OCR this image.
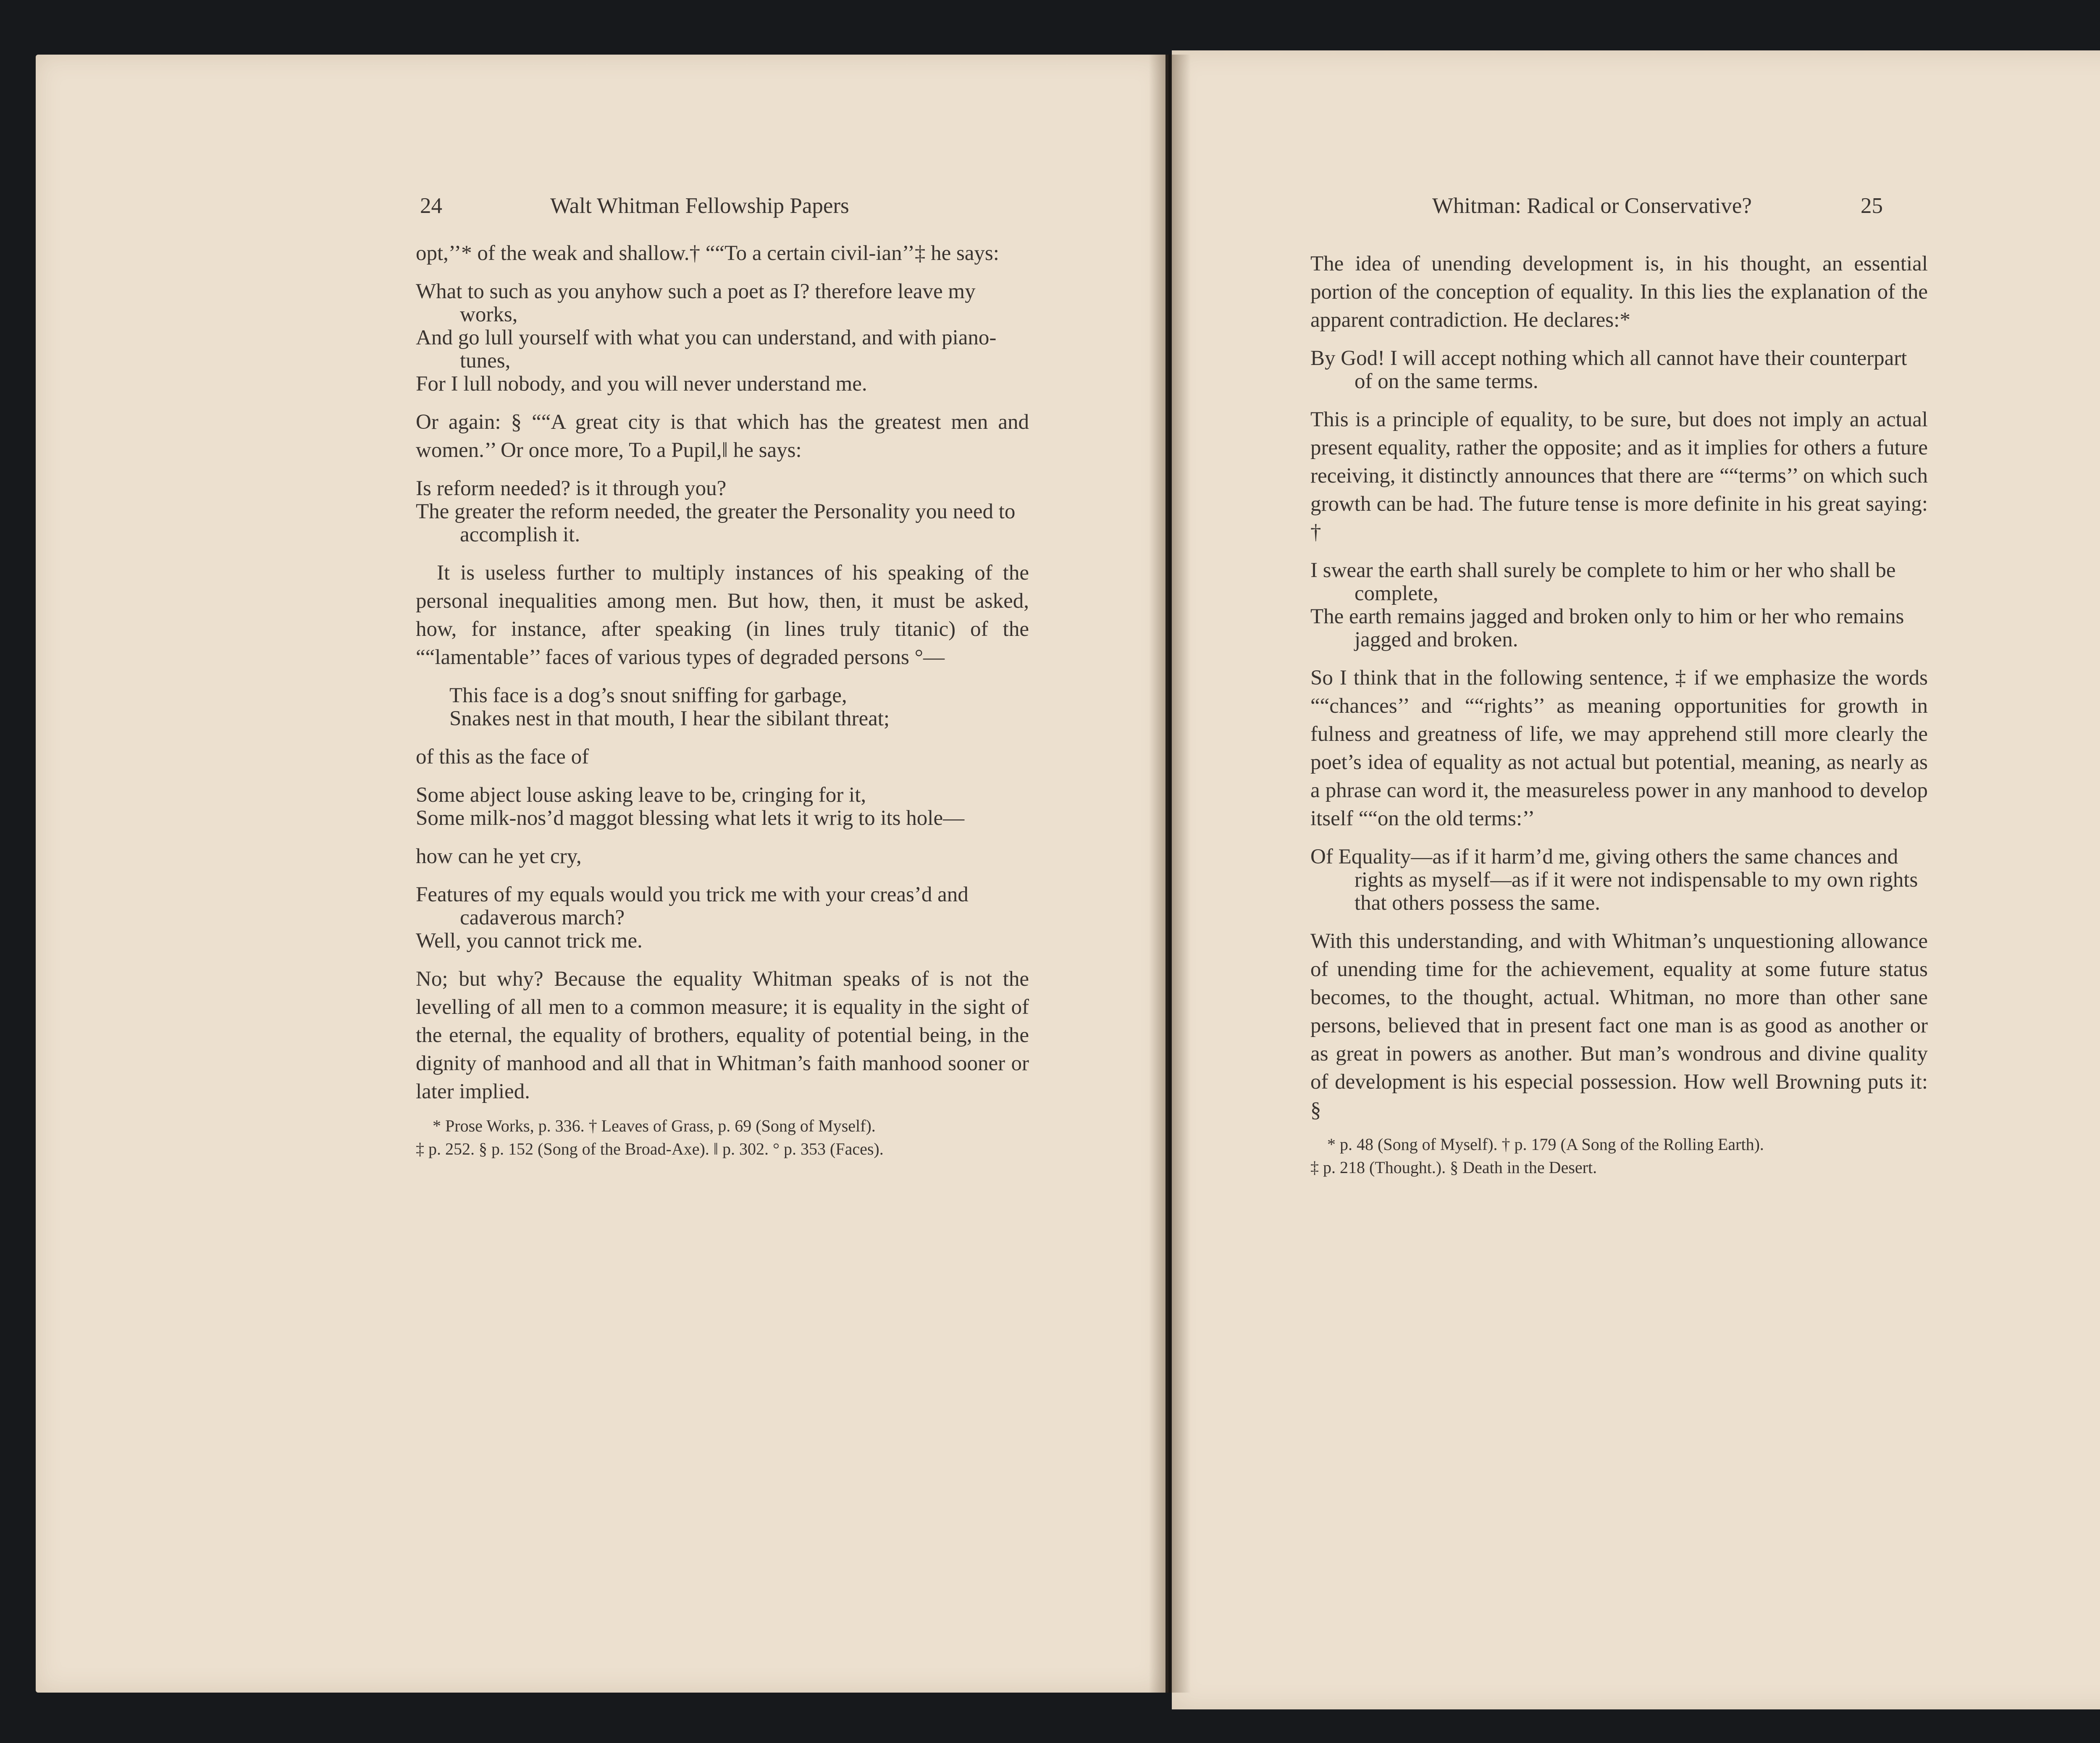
24	Walt Whitman Fellowship Papers

opt,’’* of the weak and shallow.† ““To a certain civil-ian’’‡ he says:

What to such as you anyhow such a poet as I? therefore leave my works,
And go lull yourself with what you can understand, and with piano-tunes,
For I lull nobody, and you will never understand me.

Or again: § ““A great city is that which has the greatest men and women.’’ Or once more, To a Pupil,‖ he says:

Is reform needed? is it through you?
The greater the reform needed, the greater the Personality you need to accomplish it.

It is useless further to multiply instances of his speaking of the personal inequalities among men. But how, then, it must be asked, how, for instance, after speaking (in lines truly titanic) of the ““lamentable’’ faces of various types of degraded persons °—

This face is a dog’s snout sniffing for garbage,
Snakes nest in that mouth, I hear the sibilant threat;

of this as the face of

Some abject louse asking leave to be, cringing for it,
Some milk-nos’d maggot blessing what lets it wrig to its hole—

how can he yet cry,

Features of my equals would you trick me with your creas’d and cadaverous march?
Well, you cannot trick me.

No; but why? Because the equality Whitman speaks of is not the levelling of all men to a common measure; it is equality in the sight of the eternal, the equality of brothers, equality of potential being, in the dignity of manhood and all that in Whitman’s faith manhood sooner or later implied.

* Prose Works, p. 336. † Leaves of Grass, p. 69 (Song of Myself).
‡ p. 252. § p. 152 (Song of the Broad-Axe). ‖ p. 302. ° p. 353 (Faces).
Whitman: Radical or Conservative?	25

The idea of unending development is, in his thought, an essential portion of the conception of equality. In this lies the explanation of the apparent contradiction. He declares:*

By God! I will accept nothing which all cannot have their counterpart of on the same terms.

This is a principle of equality, to be sure, but does not imply an actual present equality, rather the opposite; and as it implies for others a future receiving, it distinctly announces that there are ““terms’’ on which such growth can be had. The future tense is more definite in his great saying: †

I swear the earth shall surely be complete to him or her who shall be complete,
The earth remains jagged and broken only to him or her who remains jagged and broken.

So I think that in the following sentence, ‡ if we emphasize the words ““chances’’ and ““rights’’ as meaning opportunities for growth in fulness and greatness of life, we may apprehend still more clearly the poet’s idea of equality as not actual but potential, meaning, as nearly as a phrase can word it, the measureless power in any manhood to develop itself ““on the old terms:’’

Of Equality—as if it harm’d me, giving others the same chances and rights as myself—as if it were not indispensable to my own rights that others possess the same.

With this understanding, and with Whitman’s unquestioning allowance of unending time for the achievement, equality at some future status becomes, to the thought, actual. Whitman, no more than other sane persons, believed that in present fact one man is as good as another or as great in powers as another. But man’s wondrous and divine quality of development is his especial possession. How well Browning puts it: §

* p. 48 (Song of Myself). † p. 179 (A Song of the Rolling Earth).
‡ p. 218 (Thought.). § Death in the Desert.
